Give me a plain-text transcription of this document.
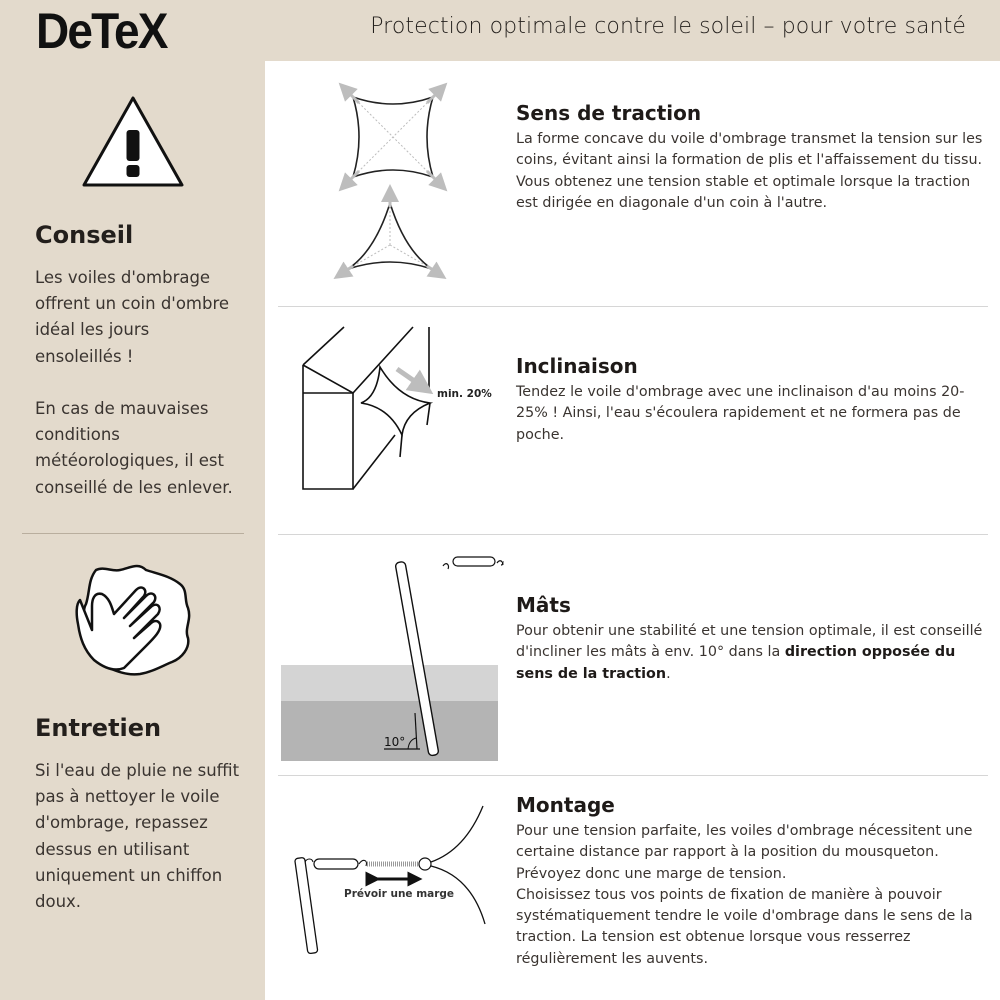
DeTeX	Protection optimale contre le soleil – pour votre santé
Conseil
Les voiles d'ombrage offrent un coin d'ombre idéal les jours ensoleillés !
En cas de mauvaises conditions météorologiques, il est conseillé de les enlever.
Entretien
Si l'eau de pluie ne suffit pas à nettoyer le voile d'ombrage, repassez dessus en utilisant uniquement un chiffon doux.
Sens de traction
La forme concave du voile d'ombrage transmet la tension sur les coins, évitant ainsi la formation de plis et l'affaissement du tissu. Vous obtenez une tension stable et optimale lorsque la traction est dirigée en diagonale d'un coin à l'autre.
min. 20%
Inclinaison
Tendez le voile d'ombrage avec une inclinaison d'au moins 20-25% ! Ainsi, l'eau s'écoulera rapidement et ne formera pas de poche.
10°
Mâts
Pour obtenir une stabilité et une tension optimale, il est conseillé d'incliner les mâts à env. 10° dans la direction opposée du sens de la traction.
Prévoir une marge
Montage
Pour une tension parfaite, les voiles d'ombrage nécessitent une certaine distance par rapport à la position du mousqueton. Prévoyez donc une marge de tension.
Choisissez tous vos points de fixation de manière à pouvoir systématiquement tendre le voile d'ombrage dans le sens de la traction. La tension est obtenue lorsque vous resserrez régulièrement les auvents.
